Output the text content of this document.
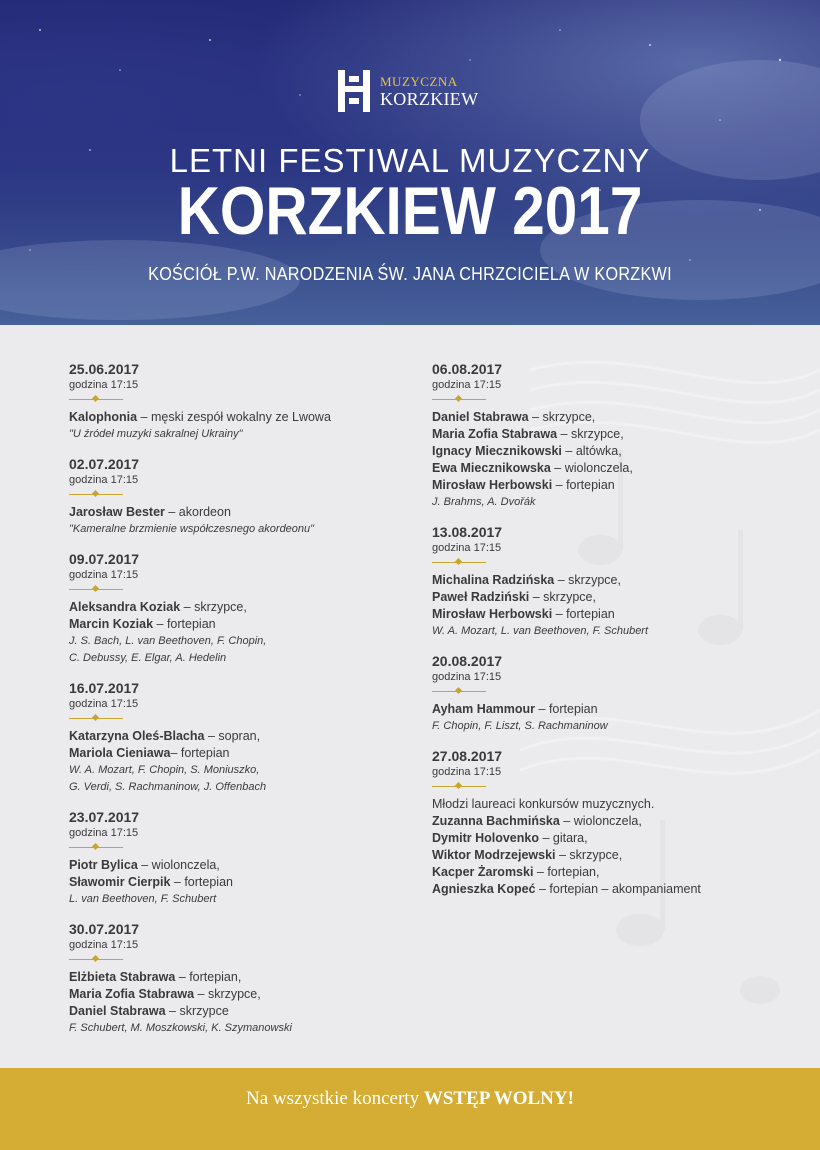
MUZYCZNA
KORZKIEW
LETNI FESTIWAL MUZYCZNY
KORZKIEW 2017
KOŚCIÓŁ P.W. NARODZENIA ŚW. JANA CHRZCICIELA W KORZKWI
25.06.2017
godzina 17:15
Kalophonia – męski zespół wokalny ze Lwowa
"U źródeł muzyki sakralnej Ukrainy"
02.07.2017
godzina 17:15
Jarosław Bester – akordeon
"Kameralne brzmienie współczesnego akordeonu"
09.07.2017
godzina 17:15
Aleksandra Koziak – skrzypce,
Marcin Koziak – fortepian
J. S. Bach, L. van Beethoven, F. Chopin,
C. Debussy, E. Elgar, A. Hedelin
16.07.2017
godzina 17:15
Katarzyna Oleś-Blacha – sopran,
Mariola Cieniawa– fortepian
W. A. Mozart, F. Chopin, S. Moniuszko,
G. Verdi, S. Rachmaninow, J. Offenbach
23.07.2017
godzina 17:15
Piotr Bylica – wiolonczela,
Sławomir Cierpik – fortepian
L. van Beethoven, F. Schubert
30.07.2017
godzina 17:15
Elżbieta Stabrawa – fortepian,
Maria Zofia Stabrawa – skrzypce,
Daniel Stabrawa – skrzypce
F. Schubert, M. Moszkowski, K. Szymanowski
06.08.2017
godzina 17:15
Daniel Stabrawa – skrzypce,
Maria Zofia Stabrawa – skrzypce,
Ignacy Miecznikowski – altówka,
Ewa Miecznikowska – wiolonczela,
Mirosław Herbowski – fortepian
J. Brahms, A. Dvořák
13.08.2017
godzina 17:15
Michalina Radzińska – skrzypce,
Paweł Radziński – skrzypce,
Mirosław Herbowski – fortepian
W. A. Mozart, L. van Beethoven, F. Schubert
20.08.2017
godzina 17:15
Ayham Hammour – fortepian
F. Chopin, F. Liszt, S. Rachmaninow
27.08.2017
godzina 17:15
Młodzi laureaci konkursów muzycznych.
Zuzanna Bachmińska – wiolonczela,
Dymitr Holovenko – gitara,
Wiktor Modrzejewski – skrzypce,
Kacper Żaromski – fortepian,
Agnieszka Kopeć – fortepian – akompaniament
Na wszystkie koncerty WSTĘP WOLNY!
